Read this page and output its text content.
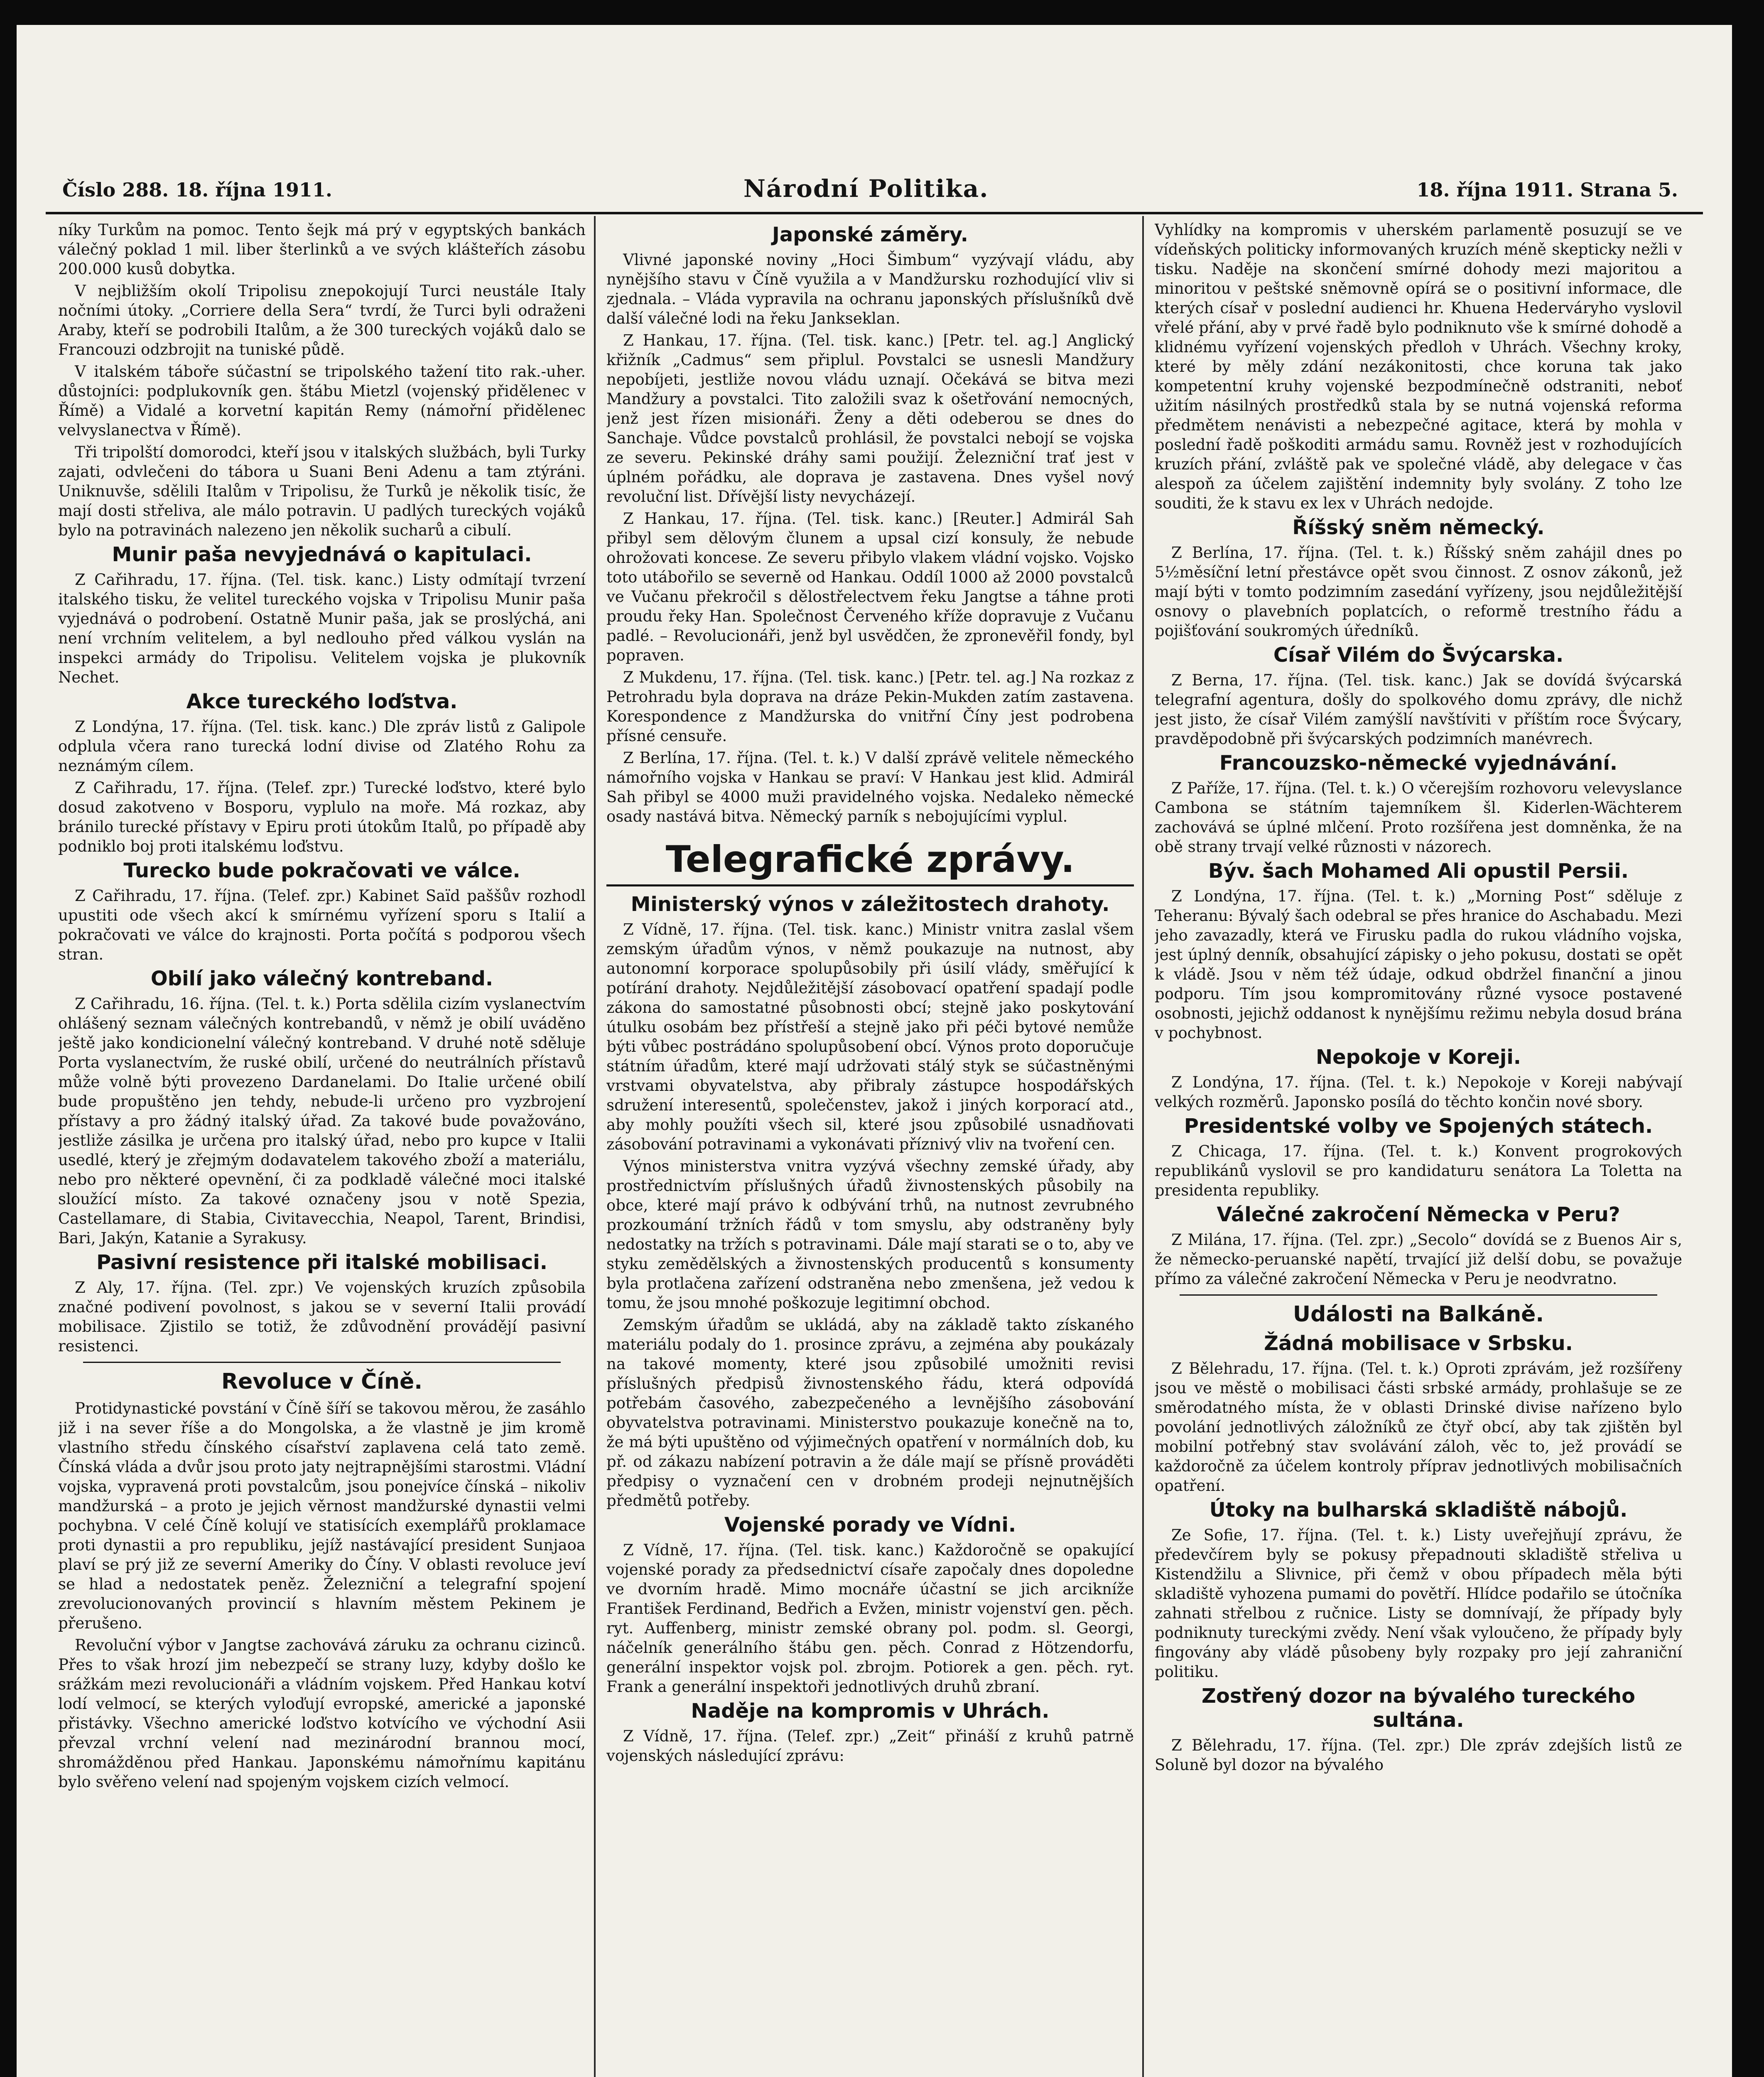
Číslo 288. 18. října 1911.	Národní Politika.	18. října 1911. Strana 5.

níky Turkům na pomoc. Tento šejk má prý v egyptských bankách válečný poklad 1 mil. liber šterlinků a ve svých klášteřích zásobu 200.000 kusů dobytka.

V nejbližším okolí Tripolisu znepokojují Turci neustále Italy nočními útoky. „Corriere della Sera“ tvrdí, že Turci byli odraženi Araby, kteří se podrobili Italům, a že 300 tureckých vojáků dalo se Francouzi odzbrojit na tuniské půdě.

V italském táboře súčastní se tripolského tažení tito rak.-uher. důstojníci: podplukovník gen. štábu Mietzl (vojenský přidělenec v Římě) a Vidalé a korvetní kapitán Remy (námořní přidělenec velvyslanectva v Římě).

Tři tripolští domorodci, kteří jsou v italských službách, byli Turky zajati, odvlečeni do tábora u Suani Beni Adenu a tam ztýráni. Uniknuvše, sdělili Italům v Tripolisu, že Turků je několik tisíc, že mají dosti střeliva, ale málo potravin. U padlých tureckých vojáků bylo na potravinách nalezeno jen několik sucharů a cibulí.

Munir paša nevyjednává o kapitulaci.

Z Cařihradu, 17. října. (Tel. tisk. kanc.) Listy odmítají tvrzení italského tisku, že velitel tureckého vojska v Tripolisu Munir paša vyjednává o podrobení. Ostatně Munir paša, jak se proslýchá, ani není vrchním velitelem, a byl nedlouho před válkou vyslán na inspekci armády do Tripolisu. Velitelem vojska je plukovník Nechet.

Akce tureckého loďstva.

Z Londýna, 17. října. (Tel. tisk. kanc.) Dle zpráv listů z Galipole odplula včera ranо turecká lodní divise od Zlatého Rohu za neznámým cílem.

Z Cařihradu, 17. října. (Telef. zpr.) Turecké loďstvo, které bylo dosud zakotveno v Bosporu, vyplulo na moře. Má rozkaz, aby bránilo turecké přístavy v Epiru proti útokům Italů, po případě aby podniklo boj proti italskému loďstvu.

Turecko bude pokračovati ve válce.

Z Cařihradu, 17. října. (Telef. zpr.) Kabinet Saïd paššův rozhodl upustiti ode všech akcí k smírnému vyřízení sporu s Italií a pokračovati ve válce do krajnosti. Porta počítá s podporou všech stran.

Obilí jako válečný kontreband.

Z Cařihradu, 16. října. (Tel. t. k.) Porta sdělila cizím vyslanectvím ohlášený seznam válečných kontrebandů, v němž je obilí uváděno ještě jako kondicionelní válečný kontreband. V druhé notě sděluje Porta vyslanectvím, že ruské obilí, určené do neutrálních přístavů může volně býti provezeno Dardanelami. Do Italie určené obilí bude propuštěno jen tehdy, nebude-li určeno pro vyzbrojení přístavy a pro žádný italský úřad. Za takové bude považováno, jestliže zásilka je určena pro italský úřad, nebo pro kupce v Italii usedlé, který je zřejmým dodavatelem takového zboží a materiálu, nebo pro některé opevnění, či za podkladě válečné moci italské sloužící místo. Za takové označeny jsou v notě Spezia, Castellamare, di Stabia, Civitavecchia, Neapol, Tarent, Brindisi, Bari, Jakýn, Katanie a Syrakusy.

Pasivní resistence při italské mobilisaci.

Z Aly, 17. října. (Tel. zpr.) Ve vojenských kruzích způsobila značné podivení povolnost, s jakou se v severní Italii provádí mobilisace. Zjistilo se totiž, že zdůvodnění provádějí pasivní resistenci.

Revoluce v Číně.

Protidynastické povstání v Číně šíří se takovou měrou, že zasáhlo již i na sever říše a do Mongolska, a že vlastně je jim kromě vlastního středu čínského císařství zaplavena celá tato země. Čínská vláda a dvůr jsou proto jaty nejtrapnějšími starostmi. Vládní vojska, vypravená proti povstalcům, jsou ponejvíce čínská – nikoliv mandžurská – a proto je jejich věrnost mandžurské dynastii velmi pochybna. V celé Číně kolují ve statisících exemplářů proklamace proti dynastii a pro republiku, jejíž nastávající president Sunjaoa plaví se prý již ze severní Ameriky do Číny. V oblasti revoluce jeví se hlad a nedostatek peněz. Železniční a telegrafní spojení zrevolucionovaných provincií s hlavním městem Pekinem je přerušeno.

Revoluční výbor v Jangtse zachovává záruku za ochranu cizinců. Přes to však hrozí jim nebezpečí se strany luzy, kdyby došlo ke srážkám mezi revolucionáři a vládním vojskem. Před Hankau kotví lodí velmocí, se kterých vyloďují evropské, americké a japonské přistávky. Všechno americké loďstvo kotvícího ve východní Asii převzal vrchní velení nad mezinárodní brannou mocí, shromážděnou před Hankau. Japonskému námořnímu kapitánu bylo svěřeno velení nad spojeným vojskem cizích velmocí.

Japonské záměry.

Vlivné japonské noviny „Hoci Šimbum“ vyzývají vládu, aby nynějšího stavu v Číně využila a v Mandžursku rozhodující vliv si zjednala. – Vláda vypravila na ochranu japonských příslušníků dvě další válečné lodi na řeku Jankseklan.

Z Hankau, 17. října. (Tel. tisk. kanc.) [Petr. tel. ag.] Anglický křižník „Cadmus“ sem připlul. Povstalci se usnesli Mandžury nepobíjeti, jestliže novou vládu uznají. Očekává se bitva mezi Mandžury a povstalci. Tito založili svaz k ošetřování nemocných, jenž jest řízen misionáři. Ženy a děti odeberou se dnes do Sanchaje. Vůdce povstalců prohlásil, že povstalci nebojí se vojska ze severu. Pekinské dráhy sami použijí. Železniční trať jest v úplném pořádku, ale doprava je zastavena. Dnes vyšel nový revoluční list. Dřívější listy nevycházejí.

Z Hankau, 17. října. (Tel. tisk. kanc.) [Reuter.] Admirál Sah přibyl sem dělovým člunem a upsal cizí konsuly, že nebude ohrožovati koncese. Ze severu přibylo vlakem vládní vojsko. Vojsko toto utábořilo se severně od Hankau. Oddíl 1000 až 2000 povstalců ve Vučanu překročil s dělostřelectvem řeku Jangtse a táhne proti proudu řeky Han. Společnost Červeného kříže dopravuje z Vučanu padlé. – Revolucionáři, jenž byl usvědčen, že zpronevěřil fondy, byl popraven.

Z Mukdenu, 17. října. (Tel. tisk. kanc.) [Petr. tel. ag.] Na rozkaz z Petrohradu byla doprava na dráze Pekin-Mukden zatím zastavena. Korespondence z Mandžurska do vnitřní Číny jest podrobena přísné censuře.

Z Berlína, 17. října. (Tel. t. k.) V další zprávě velitele německého námořního vojska v Hankau se praví: V Hankau jest klid. Admirál Sah přibyl se 4000 muži pravidelného vojska. Nedaleko německé osady nastává bitva. Německý parník s nebojujícími vyplul.

Telegrafické zprávy.
Ministerský výnos v záležitostech drahoty.

Z Vídně, 17. října. (Tel. tisk. kanc.) Ministr vnitra zaslal všem zemským úřadům výnos, v němž poukazuje na nutnost, aby autonomní korporace spolupůsobily při úsilí vlády, směřující k potírání drahoty. Nejdůležitější zásobovací opatření spadají podle zákona do samostatné působnosti obcí; stejně jako poskytování útulku osobám bez přístřeší a stejně jako při péči bytové nemůže býti vůbec postrádáno spolupůsobení obcí. Výnos proto doporučuje státním úřadům, které mají udržovati stálý styk se súčastněnými vrstvami obyvatelstva, aby přibraly zástupce hospodářských sdružení interesentů, společenstev, jakož i jiných korporací atd., aby mohly použíti všech sil, které jsou způsobilé usnadňovati zásobování potravinami a vykonávati příznivý vliv na tvoření cen.

Výnos ministerstva vnitra vyzývá všechny zemské úřady, aby prostřednictvím příslušných úřadů živnostenských působily na obce, které mají právo k odbývání trhů, na nutnost zevrubného prozkoumání tržních řádů v tom smyslu, aby odstraněny byly nedostatky na tržích s potravinami. Dále mají starati se o to, aby ve styku zemědělských a živnostenských producentů s konsumenty byla protlačena zařízení odstraněna nebo zmenšena, jež vedou k tomu, že jsou mnohé poškozuje legitimní obchod.

Zemským úřadům se ukládá, aby na základě takto získaného materiálu podaly do 1. prosince zprávu, a zejména aby poukázaly na takové momenty, které jsou způsobilé umožniti revisi příslušných předpisů živnostenského řádu, která odpovídá potřebám časového, zabezpečeného a levnějšího zásobování obyvatelstva potravinami. Ministerstvo poukazuje konečně na to, že má býti upuštěno od výjimečných opatření v normálních dob, ku př. od zákazu nabízení potravin a že dále mají se přísně prováděti předpisy o vyznačení cen v drobném prodeji nejnutnějších předmětů potřeby.

Vojenské porady ve Vídni.

Z Vídně, 17. října. (Tel. tisk. kanc.) Každoročně se opakující vojenské porady za předsednictví císaře započaly dnes dopoledne ve dvorním hradě. Mimo mocnáře účastní se jich arcikníže František Ferdinand, Bedřich a Evžen, ministr vojenství gen. pěch. ryt. Auffenberg, ministr zemské obrany pol. podm. sl. Georgi, náčelník generálního štábu gen. pěch. Conrad z Hötzendorfu, generální inspektor vojsk pol. zbrojm. Potiorek a gen. pěch. ryt. Frank a generální inspektoři jednotlivých druhů zbraní.

Naděje na kompromis v Uhrách.

Z Vídně, 17. října. (Telef. zpr.) „Zeit“ přináší z kruhů patrně vojenských následující zprávu:

Vyhlídky na kompromis v uherském parlamentě posuzují se ve vídeňských politicky informovaných kruzích méně skepticky nežli v tisku. Naděje na skončení smírné dohody mezi majoritou a minoritou v peštské sněmovně opírá se o positivní informace, dle kterých císař v poslední audienci hr. Khuena Hederváryho vyslovil vřelé přání, aby v prvé řadě bylo podniknuto vše k smírné dohodě a klidnému vyřízení vojenských předloh v Uhrách. Všechny kroky, které by měly zdání nezákonitosti, chce koruna tak jako kompetentní kruhy vojenské bezpodmínečně odstraniti, neboť užitím násilných prostředků stala by se nutná vojenská reforma předmětem nenávisti a nebezpečné agitace, která by mohla v poslední řadě poškoditi armádu samu. Rovněž jest v rozhodujících kruzích přání, zvláště pak ve společné vládě, aby delegace v čas alespoň za účelem zajištění indemnity byly svolány. Z toho lze souditi, že k stavu ex lex v Uhrách nedojde.

Říšský sněm německý.

Z Berlína, 17. října. (Tel. t. k.) Říšský sněm zahájil dnes po 5½měsíční letní přestávce opět svou činnost. Z osnov zákonů, jež mají býti v tomto podzimním zasedání vyřízeny, jsou nejdůležitější osnovy o plavebních poplatcích, o reformě trestního řádu a pojišťování soukromých úředníků.

Císař Vilém do Švýcarska.

Z Berna, 17. října. (Tel. tisk. kanc.) Jak se dovídá švýcarská telegrafní agentura, došly do spolkového domu zprávy, dle nichž jest jisto, že císař Vilém zamýšlí navštíviti v příštím roce Švýcary, pravděpodobně při švýcarských podzimních manévrech.

Francouzsko-německé vyjednávání.

Z Paříže, 17. října. (Tel. t. k.) O včerejším rozhovoru velevyslance Cambona se státním tajemníkem šl. Kiderlen-Wächterem zachovává se úplné mlčení. Proto rozšířena jest domněnka, že na obě strany trvají velké různosti v názorech.

Býv. šach Mohamed Ali opustil Persii.

Z Londýna, 17. října. (Tel. t. k.) „Morning Post“ sděluje z Teheranu: Bývalý šach odebral se přes hranice do Aschabadu. Mezi jeho zavazadly, která ve Firusku padla do rukou vládního vojska, jest úplný denník, obsahující zápisky o jeho pokusu, dostati se opět k vládě. Jsou v něm též údaje, odkud obdržel finanční a jinou podporu. Tím jsou kompromitovány různé vysoce postavené osobnosti, jejichž oddanost k nynějšímu režimu nebyla dosud brána v pochybnost.

Nepokoje v Koreji.

Z Londýna, 17. října. (Tel. t. k.) Nepokoje v Koreji nabývají velkých rozměrů. Japonsko posílá do těchto končin nové sbory.

Presidentské volby ve Spojených státech.

Z Chicaga, 17. října. (Tel. t. k.) Konvent progrokových republikánů vyslovil se pro kandidaturu senátora La Toletta na presidenta republiky.

Válečné zakročení Německa v Peru?

Z Milána, 17. října. (Tel. zpr.) „Secolo“ dovídá se z Buenos Air s, že německo-peruanské napětí, trvající již delší dobu, se považuje přímo za válečné zakročení Německa v Peru je neodvratno.

Události na Balkáně.
Žádná mobilisace v Srbsku.

Z Bělehradu, 17. října. (Tel. t. k.) Oproti zprávám, jež rozšířeny jsou ve městě o mobilisaci části srbské armády, prohlašuje se ze směrodatného místa, že v oblasti Drinské divise nařízeno bylo povolání jednotlivých záložníků ze čtyř obcí, aby tak zjištěn byl mobilní potřebný stav svolávání záloh, věc to, jež provádí se každoročně za účelem kontroly příprav jednotlivých mobilisačních opatření.

Útoky na bulharská skladiště nábojů.

Ze Sofie, 17. října. (Tel. t. k.) Listy uveřejňují zprávu, že předevčírem byly se pokusy přepadnouti skladiště střeliva u Kistendžilu a Slivnice, při čemž v obou případech měla býti skladiště vyhozena pumami do povětří. Hlídce podařilo se útočníka zahnati střelbou z ručnice. Listy se domnívají, že případy byly podniknuty tureckými zvědy. Není však vyloučeno, že případy byly fingovány aby vládě působeny byly rozpaky pro její zahraniční politiku.

Zostřený dozor na bývalého tureckého sultána.

Z Bělehradu, 17. října. (Tel. zpr.) Dle zpráv zdejších listů ze Soluně byl dozor na bývalého
